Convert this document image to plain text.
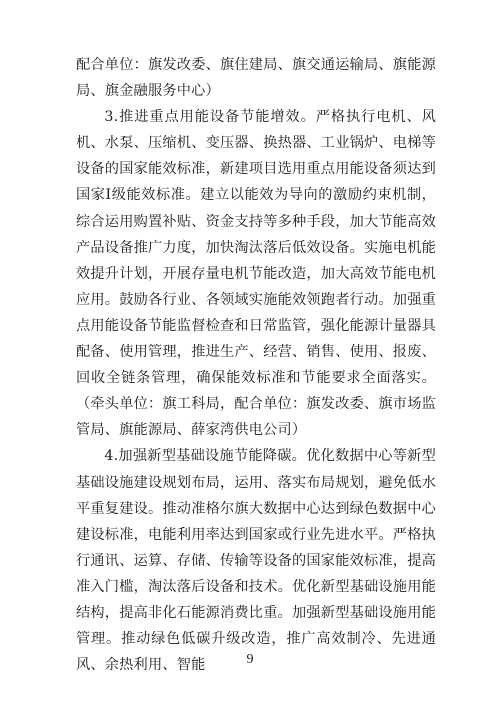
配合单位：旗发改委、旗住建局、旗交通运输局、旗能源局、旗金融服务中心）

3.推进重点用能设备节能增效。严格执行电机、风机、水泵、压缩机、变压器、换热器、工业锅炉、电梯等设备的国家能效标准，新建项目选用重点用能设备须达到国家Ⅰ级能效标准。建立以能效为导向的激励约束机制，综合运用购置补贴、资金支持等多种手段，加大节能高效产品设备推广力度，加快淘汰落后低效设备。实施电机能效提升计划，开展存量电机节能改造，加大高效节能电机应用。鼓励各行业、各领域实施能效领跑者行动。加强重点用能设备节能监督检查和日常监管，强化能源计量器具配备、使用管理，推进生产、经营、销售、使用、报废、回收全链条管理，确保能效标准和节能要求全面落实。（牵头单位：旗工科局，配合单位：旗发改委、旗市场监管局、旗能源局、薛家湾供电公司）

4.加强新型基础设施节能降碳。优化数据中心等新型基础设施建设规划布局，运用、落实布局规划，避免低水平重复建设。推动准格尔旗大数据中心达到绿色数据中心建设标准，电能利用率达到国家或行业先进水平。严格执行通讯、运算、存储、传输等设备的国家能效标准，提高准入门槛，淘汰落后设备和技术。优化新型基础设施用能结构，提高非化石能源消费比重。加强新型基础设施用能管理。推动绿色低碳升级改造，推广高效制冷、先进通风、余热利用、智能	9
